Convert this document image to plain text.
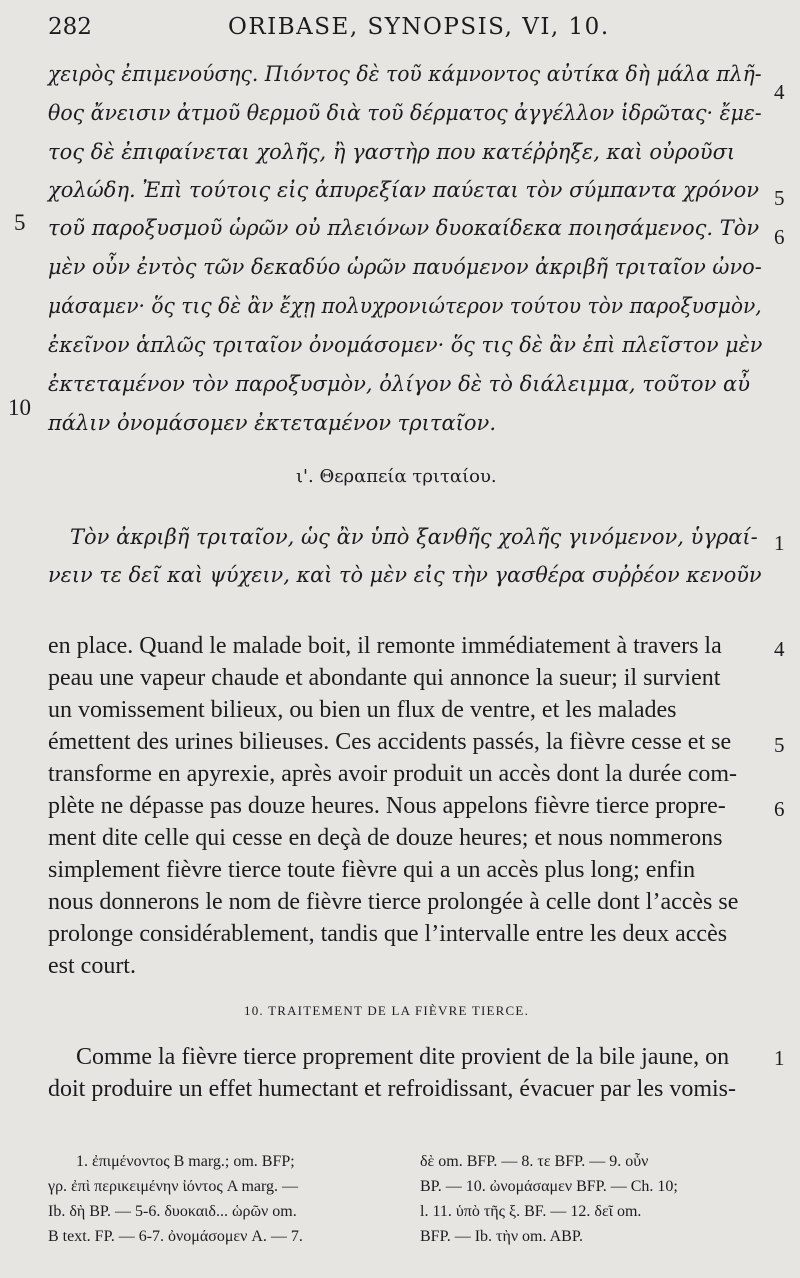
282	ORIBASE, SYNOPSIS, VI, 10.
χειρὸς ἐπιμενούσης. Πιόντος δὲ τοῦ κάμνοντος αὐτίκα δὴ μάλα πλῆ-
θος ἄνεισιν ἀτμοῦ θερμοῦ διὰ τοῦ δέρματος ἀγγέλλον ἱδρῶτας· ἔμε-
τος δὲ ἐπιφαίνεται χολῆς, ἢ γαστὴρ που κατέῤῥηξε, καὶ οὐροῦσι
χολώδη. Ἐπὶ τούτοις εἰς ἀπυρεξίαν παύεται τὸν σύμπαντα χρόνον
τοῦ παροξυσμοῦ ὡρῶν οὐ πλειόνων δυοκαίδεκα ποιησάμενος. Τὸν
μὲν οὖν ἐντὸς τῶν δεκαδύο ὡρῶν παυόμενον ἀκριβῆ τριταῖον ὠνο-
μάσαμεν· ὅς τις δὲ ἂν ἔχῃ πολυχρονιώτερον τούτου τὸν παροξυσμὸν,
ἐκεῖνον ἁπλῶς τριταῖον ὀνομάσομεν· ὅς τις δὲ ἂν ἐπὶ πλεῖστον μὲν
ἐκτεταμένον τὸν παροξυσμὸν, ὀλίγον δὲ τὸ διάλειμμα, τοῦτον αὖ
πάλιν ὀνομάσομεν ἐκτεταμένον τριταῖον.
5
10
4
5
6
1
ι'. Θεραπεία τριταίου.
Τὸν ἀκριβῆ τριταῖον, ὡς ἂν ὑπὸ ξανθῆς χολῆς γινόμενον, ὑγραί-
νειν τε δεῖ καὶ ψύχειν, καὶ τὸ μὲν εἰς τὴν γασθέρα συῤῥέον κενοῦν
en place. Quand le malade boit, il remonte immédiatement à travers la
peau une vapeur chaude et abondante qui annonce la sueur; il survient
un vomissement bilieux, ou bien un flux de ventre, et les malades
émettent des urines bilieuses. Ces accidents passés, la fièvre cesse et se
transforme en apyrexie, après avoir produit un accès dont la durée com-
plète ne dépasse pas douze heures. Nous appelons fièvre tierce propre-
ment dite celle qui cesse en deçà de douze heures; et nous nommerons
simplement fièvre tierce toute fièvre qui a un accès plus long; enfin
nous donnerons le nom de fièvre tierce prolongée à celle dont l’accès se
prolonge considérablement, tandis que l’intervalle entre les deux accès
est court.
4
5
6
1
10. TRAITEMENT DE LA FIÈVRE TIERCE.
Comme la fièvre tierce proprement dite provient de la bile jaune, on
doit produire un effet humectant et refroidissant, évacuer par les vomis-
1. ἐπιμένοντος B marg.; om. BFP;
γρ. ἐπὶ περικειμένην ἰόντος A marg. —
Ib. δὴ BP. — 5-6. δυοκαιδ... ὡρῶν om.
B text. FP. — 6-7. ὀνομάσομεν A. — 7.
δὲ om. BFP. — 8. τε BFP. — 9. οὖν
BP. — 10. ὠνομάσαμεν BFP. — Ch. 10;
l. 11. ὑπὸ τῆς ξ. BF. — 12. δεῖ om.
BFP. — Ib. τὴν om. ABP.
